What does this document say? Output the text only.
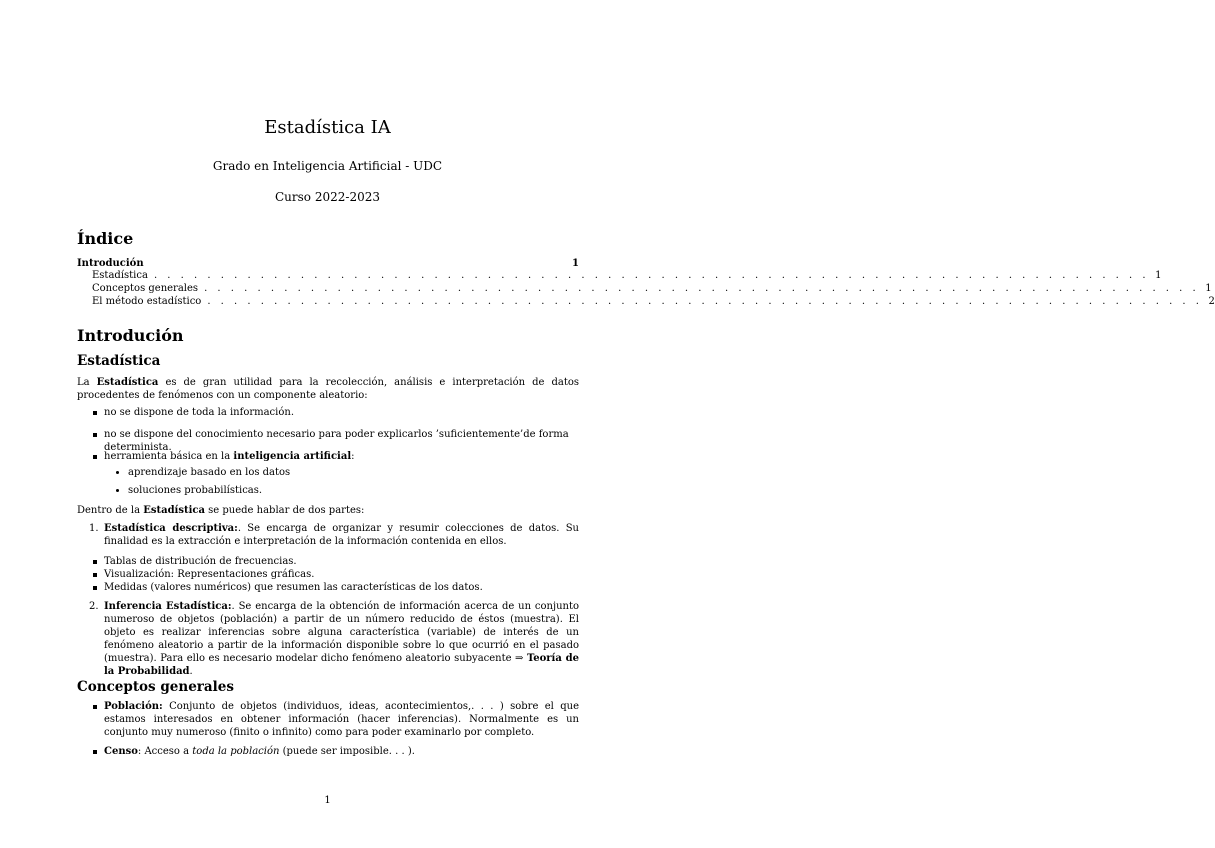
Estadística IA
Grado en Inteligencia Artificial - UDC
Curso 2022-2023
Índice
Introdución	1
Estadística . . . . . . . . . . . . . . . . . . . . . . . . . . . . . . . . . . . . . . . . . . . . . . . . . . . . . . . . . . . . . . . . . . . . . . . . . . . 1
Conceptos generales . . . . . . . . . . . . . . . . . . . . . . . . . . . . . . . . . . . . . . . . . . . . . . . . . . . . . . . . . . . . . . . . . . . . . . . . . . . 1
El método estadístico . . . . . . . . . . . . . . . . . . . . . . . . . . . . . . . . . . . . . . . . . . . . . . . . . . . . . . . . . . . . . . . . . . . . . . . . . . . 2
Introdución
Estadística
La Estadística es de gran utilidad para la recolección, análisis e interpretación de datos procedentes de fenómenos con un componente aleatorio:
no se dispone de toda la información.
no se dispone del conocimiento necesario para poder explicarlos ’suficientemente’de forma determinista.
herramienta básica en la inteligencia artificial:
aprendizaje basado en los datos
soluciones probabilísticas.
Dentro de la Estadística se puede hablar de dos partes:
1. Estadística descriptiva:. Se encarga de organizar y resumir colecciones de datos. Su finalidad es la extracción e interpretación de la información contenida en ellos.
Tablas de distribución de frecuencias.
Visualización: Representaciones gráficas.
Medidas (valores numéricos) que resumen las características de los datos.
2. Inferencia Estadística:. Se encarga de la obtención de información acerca de un conjunto numeroso de objetos (población) a partir de un número reducido de éstos (muestra). El objeto es realizar inferencias sobre alguna característica (variable) de interés de un fenómeno aleatorio a partir de la información disponible sobre lo que ocurrió en el pasado (muestra). Para ello es necesario modelar dicho fenómeno aleatorio subyacente ⇒ Teoría de la Probabilidad.
Conceptos generales
Población: Conjunto de objetos (individuos, ideas, acontecimientos,. . . ) sobre el que estamos interesados en obtener información (hacer inferencias). Normalmente es un conjunto muy numeroso (finito o infinito) como para poder examinarlo por completo.
Censo: Acceso a toda la población (puede ser imposible. . . ).
1
